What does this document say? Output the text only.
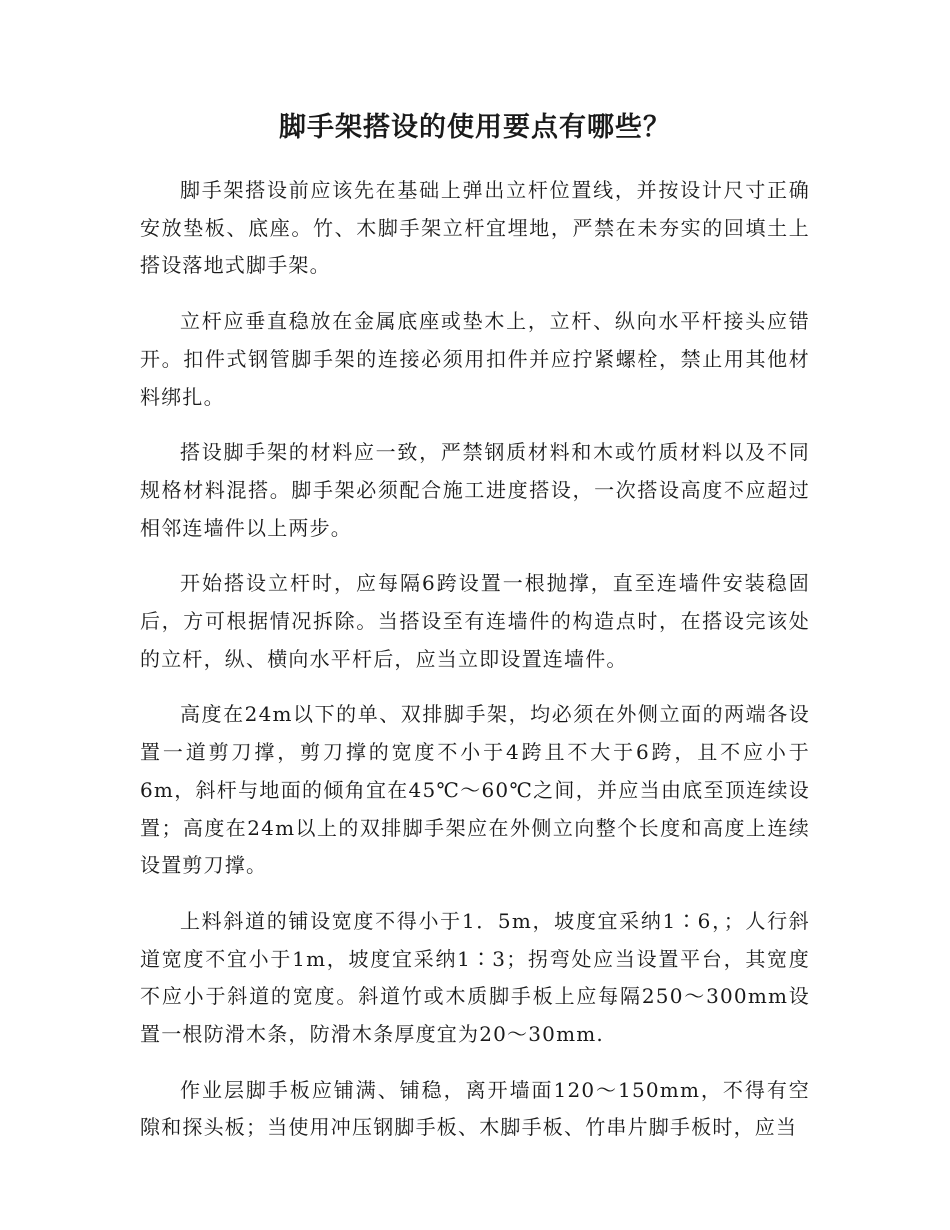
脚手架搭设的使用要点有哪些？

脚手架搭设前应该先在基础上弹出立杆位置线，并按设计尺寸正确安放垫板、底座。竹、木脚手架立杆宜埋地，严禁在未夯实的回填土上搭设落地式脚手架。

立杆应垂直稳放在金属底座或垫木上，立杆、纵向水平杆接头应错开。扣件式钢管脚手架的连接必须用扣件并应拧紧螺栓，禁止用其他材料绑扎。

搭设脚手架的材料应一致，严禁钢质材料和木或竹质材料以及不同规格材料混搭。脚手架必须配合施工进度搭设，一次搭设高度不应超过相邻连墙件以上两步。

开始搭设立杆时，应每隔6跨设置一根抛撑，直至连墙件安装稳固后，方可根据情况拆除。当搭设至有连墙件的构造点时，在搭设完该处的立杆，纵、横向水平杆后，应当立即设置连墙件。

高度在24m以下的单、双排脚手架，均必须在外侧立面的两端各设置一道剪刀撑，剪刀撑的宽度不小于4跨且不大于6跨，且不应小于6m，斜杆与地面的倾角宜在45℃～60℃之间，并应当由底至顶连续设置；高度在24m以上的双排脚手架应在外侧立向整个长度和高度上连续设置剪刀撑。

上料斜道的铺设宽度不得小于1．5m，坡度宜采纳1∶6，；人行斜道宽度不宜小于1m，坡度宜采纳1∶3；拐弯处应当设置平台，其宽度不应小于斜道的宽度。斜道竹或木质脚手板上应每隔250～300mm设置一根防滑木条，防滑木条厚度宜为20～30mm.

作业层脚手板应铺满、铺稳，离开墙面120～150mm，不得有空隙和探头板；当使用冲压钢脚手板、木脚手板、竹串片脚手板时，应当
